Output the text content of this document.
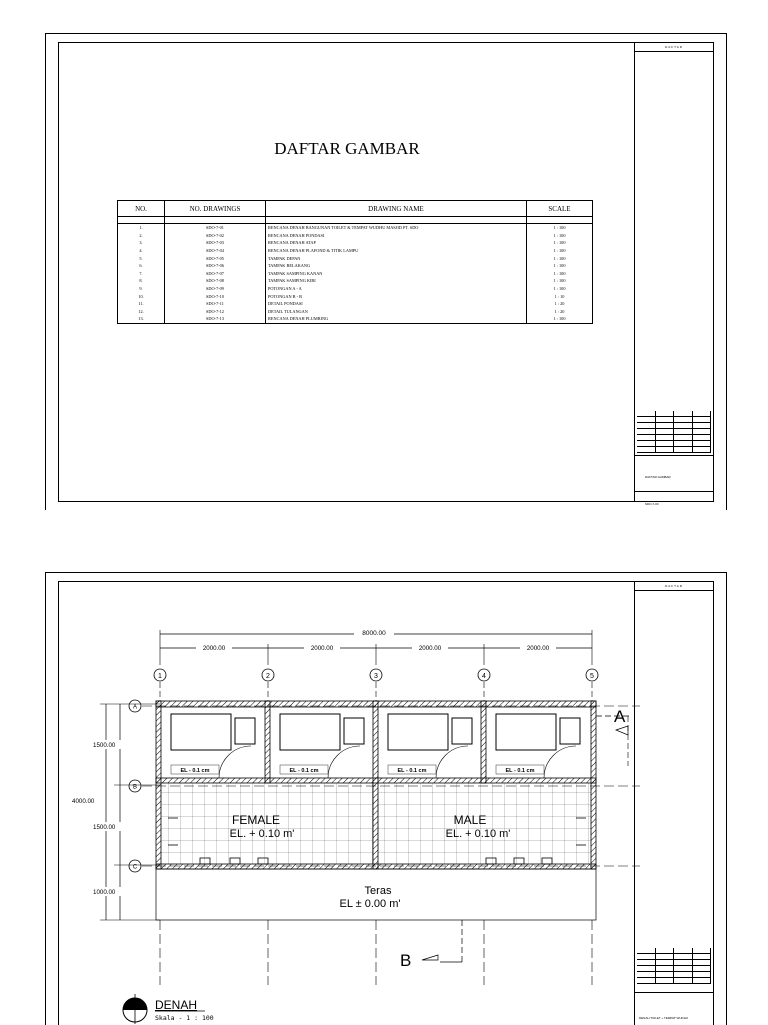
DAFTAR GAMBAR
NO.	NO. DRAWINGS	DRAWING NAME	SCALE

1.	SDO-7-01	RENCANA DENAH BANGUNAN TOILET & TEMPAT WUDHU MASJID PT. SDO	1 : 100
2.	SDO-7-02	RENCANA DENAH PONDASI	1 : 100
3.	SDO-7-03	RENCANA DENAH ATAP	1 : 100
4.	SDO-7-04	RENCANA DENAH PLAFOND & TITIK LAMPU	1 : 100
5.	SDO-7-05	TAMPAK DEPAN	1 : 100
6.	SDO-7-06	TAMPAK BELAKANG	1 : 100
7.	SDO-7-07	TAMPAK SAMPING KANAN	1 : 100
8.	SDO-7-08	TAMPAK SAMPING KIRI	1 : 100
9.	SDO-7-09	POTONGAN A - A	1 : 100
10.	SDO-7-10	POTONGAN B - B	1 : 10
11.	SDO-7-11	DETAIL PONDASI	1 : 20
12.	SDO-7-12	DETAIL TULANGAN	1 : 20
13.	SDO-7-13	RENCANA DENAH PLUMBING	1 : 100
DAFTAR
DAFTAR GAMBAR
SDO-7-00
DAFTAR
DENAH TOILET + TEMPAT WUDHU
8000.00
2000.00	2000.00	2000.00	2000.00
1	2	3	4	5
A
B
C
4000.00
1500.00
1500.00
1000.00
EL - 0.1 cm	EL - 0.1 cm	EL - 0.1 cm	EL - 0.1 cm
FEMALE
EL. + 0.10 m'
MALE
EL. + 0.10 m'
Teras
EL ± 0.00 m'
A
B
DENAH
Skala - 1 : 100
